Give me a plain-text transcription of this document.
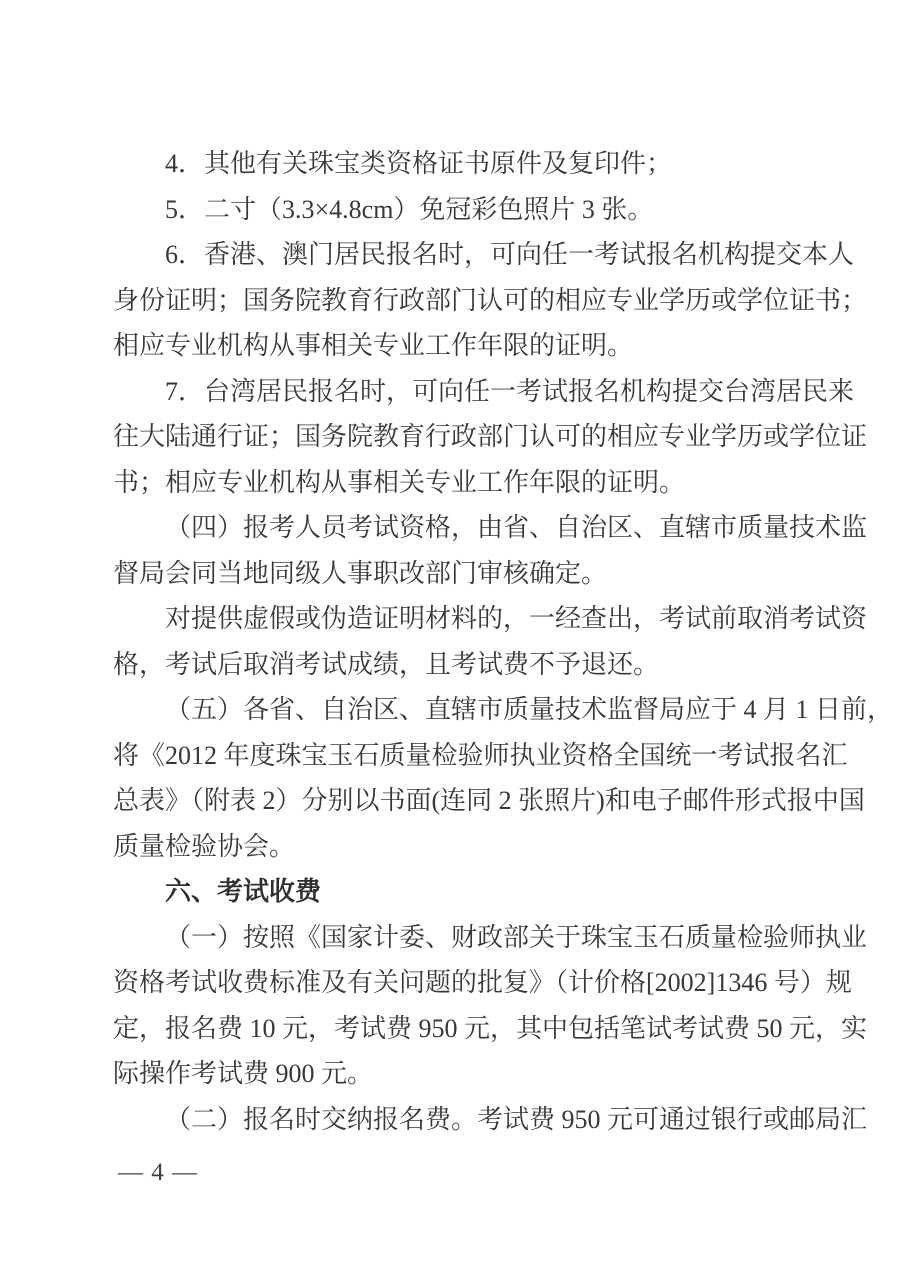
4．其他有关珠宝类资格证书原件及复印件；
5．二寸（3.3×4.8cm）免冠彩色照片 3 张。
6．香港、澳门居民报名时，可向任一考试报名机构提交本人
身份证明；国务院教育行政部门认可的相应专业学历或学位证书；
相应专业机构从事相关专业工作年限的证明。
7．台湾居民报名时，可向任一考试报名机构提交台湾居民来
往大陆通行证；国务院教育行政部门认可的相应专业学历或学位证
书；相应专业机构从事相关专业工作年限的证明。
（四）报考人员考试资格，由省、自治区、直辖市质量技术监
督局会同当地同级人事职改部门审核确定。
对提供虚假或伪造证明材料的，一经查出，考试前取消考试资
格，考试后取消考试成绩，且考试费不予退还。
（五）各省、自治区、直辖市质量技术监督局应于 4 月 1 日前，
将《2012 年度珠宝玉石质量检验师执业资格全国统一考试报名汇
总表》（附表 2）分别以书面(连同 2 张照片)和电子邮件形式报中国
质量检验协会。
六、考试收费
（一）按照《国家计委、财政部关于珠宝玉石质量检验师执业
资格考试收费标准及有关问题的批复》（计价格[2002]1346 号）规
定，报名费 10 元，考试费 950 元，其中包括笔试考试费 50 元，实
际操作考试费 900 元。
（二）报名时交纳报名费。考试费 950 元可通过银行或邮局汇
— 4 —
